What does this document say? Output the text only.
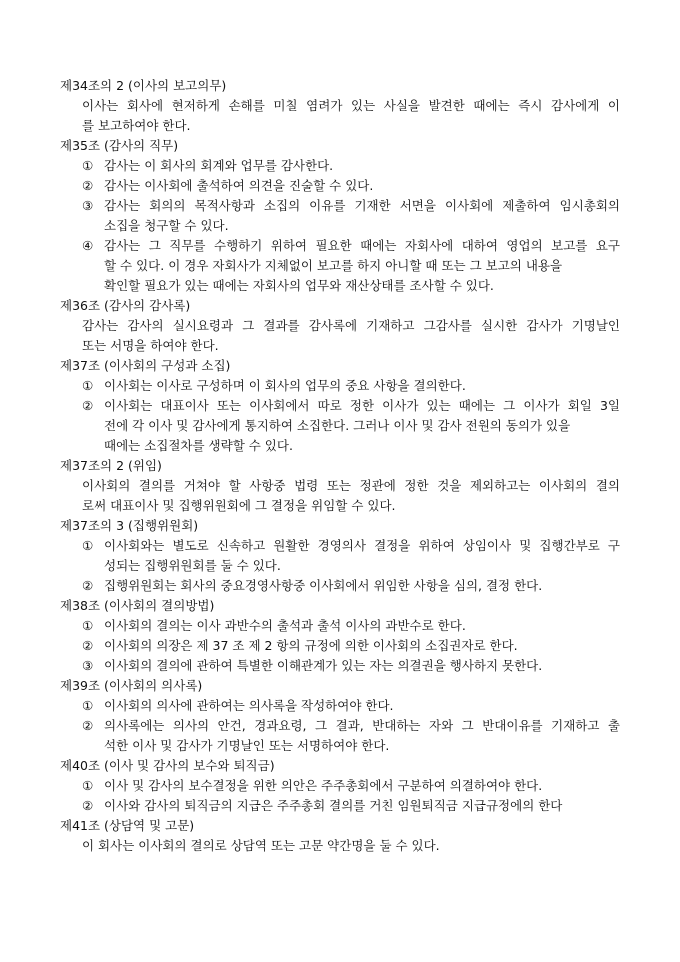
제34조의 2 (이사의 보고의무)
이사는 회사에 현저하게 손해를 미칠 염려가 있는 사실을 발견한 때에는 즉시 감사에게 이
를 보고하여야 한다.
제35조 (감사의 직무)
① 감사는 이 회사의 회계와 업무를 감사한다.
② 감사는 이사회에 출석하여 의견을 진술할 수 있다.
③ 감사는 회의의 목적사항과 소집의 이유를 기재한 서면을 이사회에 제출하여 임시총회의
소집을 청구할 수 있다.
④ 감사는 그 직무를 수행하기 위하여 필요한 때에는 자회사에 대하여 영업의 보고를 요구
할 수 있다. 이 경우 자회사가 지체없이 보고를 하지 아니할 때 또는 그 보고의 내용을
확인할 필요가 있는 때에는 자회사의 업무와 재산상태를 조사할 수 있다.
제36조 (감사의 감사록)
감사는 감사의 실시요령과 그 결과를 감사록에 기재하고 그감사를 실시한 감사가 기명날인
또는 서명을 하여야 한다.
제37조 (이사회의 구성과 소집)
① 이사회는 이사로 구성하며 이 회사의 업무의 중요 사항을 결의한다.
② 이사회는 대표이사 또는 이사회에서 따로 정한 이사가 있는 때에는 그 이사가 회일 3일
전에 각 이사 및 감사에게 통지하여 소집한다. 그러나 이사 및 감사 전원의 동의가 있을
때에는 소집절차를 생략할 수 있다.
제37조의 2 (위임)
이사회의 결의를 거쳐야 할 사항중 법령 또는 정관에 정한 것을 제외하고는 이사회의 결의
로써 대표이사 및 집행위원회에 그 결정을 위임할 수 있다.
제37조의 3 (집행위원회)
① 이사회와는 별도로 신속하고 원활한 경영의사 결정을 위하여 상임이사 및 집행간부로 구
성되는 집행위원회를 둘 수 있다.
② 집행위원회는 회사의 중요경영사항중 이사회에서 위임한 사항을 심의, 결정 한다.
제38조 (이사회의 결의방법)
① 이사회의 결의는 이사 과반수의 출석과 출석 이사의 과반수로 한다.
② 이사회의 의장은 제 37 조 제 2 항의 규정에 의한 이사회의 소집권자로 한다.
③ 이사회의 결의에 관하여 특별한 이해관계가 있는 자는 의결권을 행사하지 못한다.
제39조 (이사회의 의사록)
① 이사회의 의사에 관하여는 의사록을 작성하여야 한다.
② 의사록에는 의사의 안건, 경과요령, 그 결과, 반대하는 자와 그 반대이유를 기재하고 출
석한 이사 및 감사가 기명날인 또는 서명하여야 한다.
제40조 (이사 및 감사의 보수와 퇴직금)
① 이사 및 감사의 보수결정을 위한 의안은 주주총회에서 구분하여 의결하여야 한다.
② 이사와 감사의 퇴직금의 지급은 주주총회 결의를 거친 임원퇴직금 지급규정에의 한다
제41조 (상담역 및 고문)
이 회사는 이사회의 결의로 상담역 또는 고문 약간명을 둘 수 있다.
